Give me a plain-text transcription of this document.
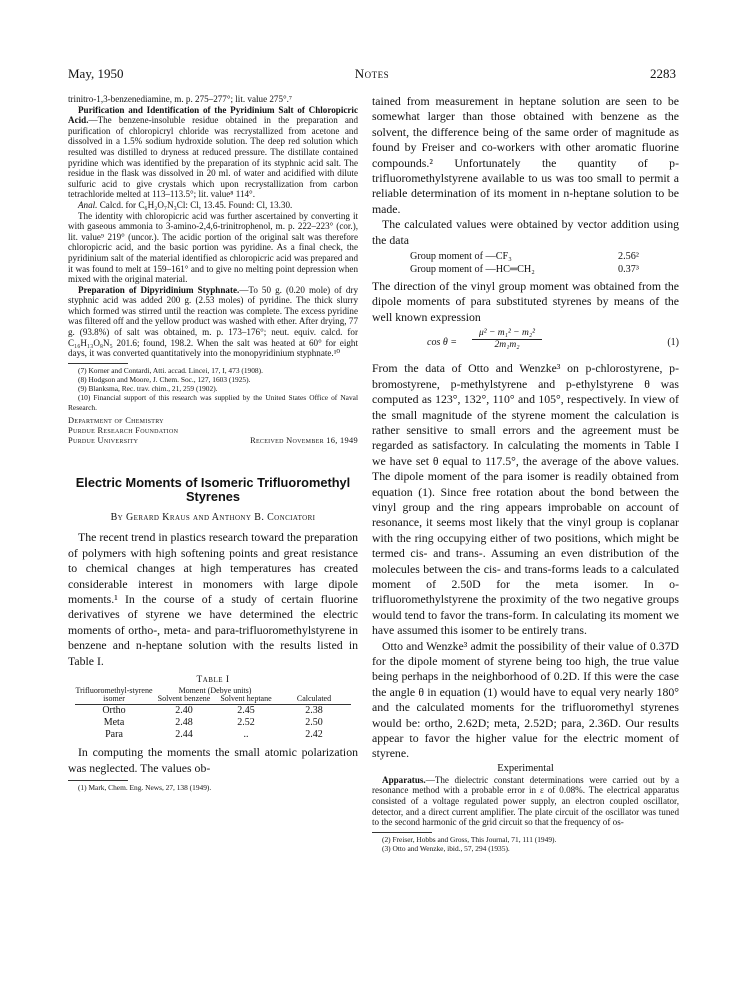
May, 1950	Notes	2283

trinitro-1,3-benzenediamine, m. p. 275–277°; lit. value 275°.⁷

Purification and Identification of the Pyridinium Salt of Chloropicric Acid.—The benzene-insoluble residue obtained in the preparation and purification of chloropicryl chloride was recrystallized from acetone and dissolved in a 1.5% sodium hydroxide solution. The deep red solution which resulted was distilled to dryness at reduced pressure. The distillate contained pyridine which was identified by the preparation of its styphnic acid salt. The residue in the flask was dissolved in 20 ml. of water and acidified with dilute sulfuric acid to give crystals which upon recrystallization from carbon tetrachloride melted at 113–113.5°; lit. value⁸ 114°.

Anal. Calcd. for C₆H₂O₇N₃Cl: Cl, 13.45. Found: Cl, 13.30.

The identity with chloropicric acid was further ascertained by converting it with gaseous ammonia to 3-amino-2,4,6-trinitrophenol, m. p. 222–223° (cor.), lit. value⁹ 219° (uncor.). The acidic portion of the original salt was therefore chloropicric acid, and the basic portion was pyridine. As a final check, the pyridinium salt of the material identified as chloropicric acid was prepared and it was found to melt at 159–161° and to give no melting point depression when mixed with the original material.

Preparation of Dipyridinium Styphnate.—To 50 g. (0.20 mole) of dry styphnic acid was added 200 g. (2.53 moles) of pyridine. The thick slurry which formed was stirred until the reaction was complete. The excess pyridine was filtered off and the yellow product was washed with ether. After drying, 77 g. (93.8%) of salt was obtained, m. p. 173–176°; neut. equiv. calcd. for C₁₆H₁₃O₈N₅ 201.6; found, 198.2. When the salt was heated at 60° for eight days, it was converted quantitatively into the monopyridinium styphnate.¹⁰

(7) Korner and Contardi, Atti. accad. Lincei, 17, I, 473 (1908).

(8) Hodgson and Moore, J. Chem. Soc., 127, 1603 (1925).

(9) Blanksma, Rec. trav. chim., 21, 259 (1902).

(10) Financial support of this research was supplied by the United States Office of Naval Research.

Department of Chemistry
Purdue Research Foundation
Purdue University	Received November 16, 1949
Electric Moments of Isomeric Trifluoromethyl Styrenes
By Gerard Kraus and Anthony B. Conciatori

The recent trend in plastics research toward the preparation of polymers with high softening points and great resistance to chemical changes at high temperatures has created considerable interest in monomers with large dipole moments.¹ In the course of a study of certain fluorine derivatives of styrene we have determined the electric moments of ortho-, meta- and para-trifluoromethylstyrene in benzene and n-heptane solution with the results listed in Table I.

Table I
Trifluoromethyl-styrene isomer	Moment (Debye units)		Calculated
	Solvent benzene	Solvent heptane	

Ortho	2.40	2.45	2.38
Meta	2.48	2.52	2.50
Para	2.44	..	2.42

In computing the moments the small atomic polarization was neglected. The values ob-

(1) Mark, Chem. Eng. News, 27, 138 (1949).

tained from measurement in heptane solution are seen to be somewhat larger than those obtained with benzene as the solvent, the difference being of the same order of magnitude as found by Freiser and co-workers with other aromatic fluorine compounds.² Unfortunately the quantity of p-trifluoromethylstyrene available to us was too small to permit a reliable determination of its moment in n-heptane solution to be made.

The calculated values were obtained by vector addition using the data

Group moment of —CF₃	2.56²
Group moment of —HC═CH₂	0.37³

The direction of the vinyl group moment was obtained from the dipole moments of para substituted styrenes by means of the well known expression

$\cos \theta = \frac{\text{μ² − m₁² − m₂²}}{\text{2m₁m₂}}$	(1)

From the data of Otto and Wenzke³ on p-chlorostyrene, p-bromostyrene, p-methylstyrene and p-ethylstyrene θ was computed as 123°, 132°, 110° and 105°, respectively. In view of the small magnitude of the styrene moment the calculation is rather sensitive to small errors and the agreement must be regarded as satisfactory. In calculating the moments in Table I we have set θ equal to 117.5°, the average of the above values. The dipole moment of the para isomer is readily obtained from equation (1). Since free rotation about the bond between the vinyl group and the ring appears improbable on account of resonance, it seems most likely that the vinyl group is coplanar with the ring occupying either of two positions, which might be termed cis- and trans-. Assuming an even distribution of the molecules between the cis- and trans-forms leads to a calculated moment of 2.50D for the meta isomer. In o-trifluoromethylstyrene the proximity of the two negative groups would tend to favor the trans-form. In calculating its moment we have assumed this isomer to be entirely trans.

Otto and Wenzke³ admit the possibility of their value of 0.37D for the dipole moment of styrene being too high, the true value being perhaps in the neighborhood of 0.2D. If this were the case the angle θ in equation (1) would have to equal very nearly 180° and the calculated moments for the trifluoromethyl styrenes would be: ortho, 2.62D; meta, 2.52D; para, 2.36D. Our results appear to favor the higher value for the electric moment of styrene.

Experimental

Apparatus.—The dielectric constant determinations were carried out by a resonance method with a probable error in ε of 0.08%. The electrical apparatus consisted of a voltage regulated power supply, an electron coupled oscillator, detector, and a direct current amplifier. The plate circuit of the oscillator was tuned to the second harmonic of the grid circuit so that the frequency of os-

(2) Freiser, Hobbs and Gross, This Journal, 71, 111 (1949).

(3) Otto and Wenzke, ibid., 57, 294 (1935).
